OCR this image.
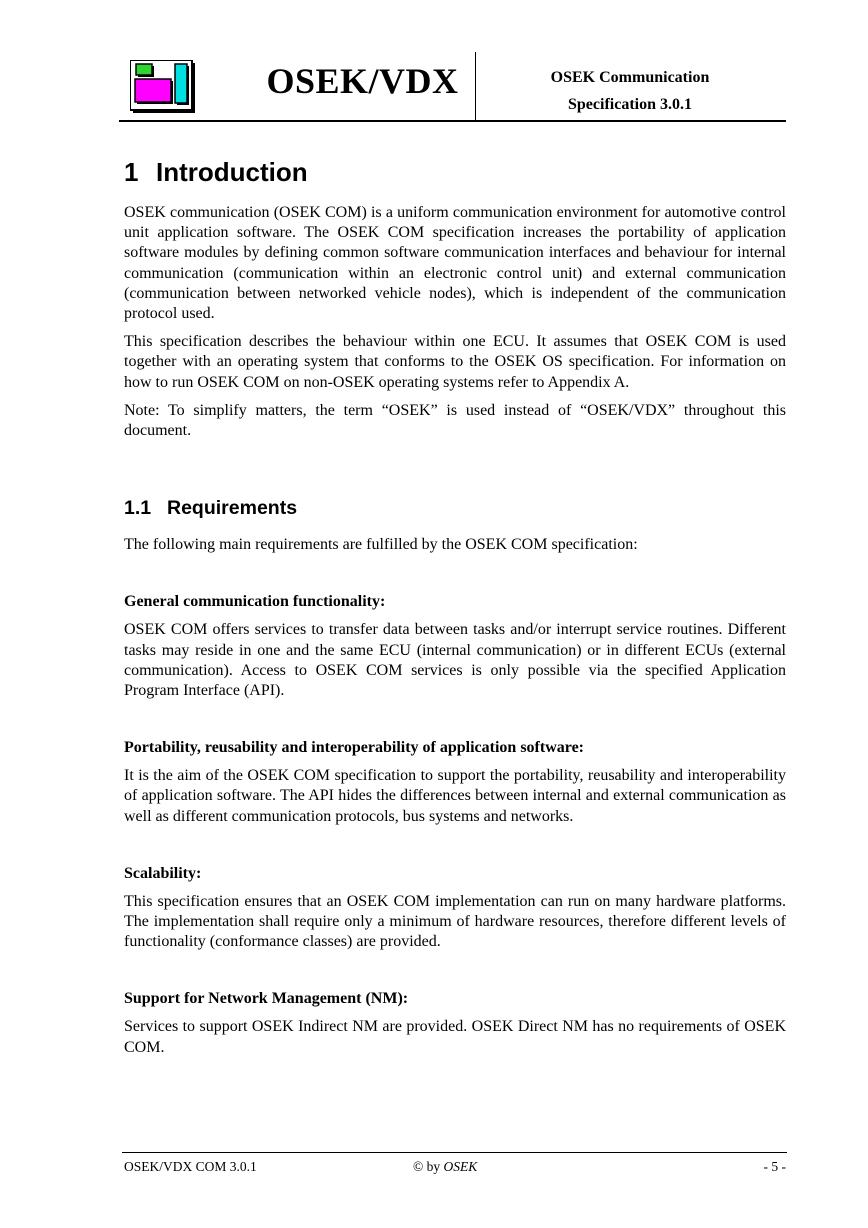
OSEK/VDX	OSEK Communication
Specification 3.0.1
1 Introduction

OSEK communication (OSEK COM) is a uniform communication environment for automotive control unit application software. The OSEK COM specification increases the portability of application software modules by defining common software communication interfaces and behaviour for internal communication (communication within an electronic control unit) and external communication (communication between networked vehicle nodes), which is independent of the communication protocol used.

This specification describes the behaviour within one ECU. It assumes that OSEK COM is used together with an operating system that conforms to the OSEK OS specification. For information on how to run OSEK COM on non-OSEK operating systems refer to Appendix A.

Note: To simplify matters, the term “OSEK” is used instead of “OSEK/VDX” throughout this document.

1.1 Requirements

The following main requirements are fulfilled by the OSEK COM specification:

General communication functionality:

OSEK COM offers services to transfer data between tasks and/or interrupt service routines. Different tasks may reside in one and the same ECU (internal communication) or in different ECUs (external communication). Access to OSEK COM services is only possible via the specified Application Program Interface (API).

Portability, reusability and interoperability of application software:

It is the aim of the OSEK COM specification to support the portability, reusability and interoperability of application software. The API hides the differences between internal and external communication as well as different communication protocols, bus systems and networks.

Scalability:

This specification ensures that an OSEK COM implementation can run on many hardware platforms. The implementation shall require only a minimum of hardware resources, therefore different levels of functionality (conformance classes) are provided.

Support for Network Management (NM):

Services to support OSEK Indirect NM are provided. OSEK Direct NM has no requirements of OSEK COM.

OSEK/VDX COM 3.0.1	© by OSEK	- 5 -
